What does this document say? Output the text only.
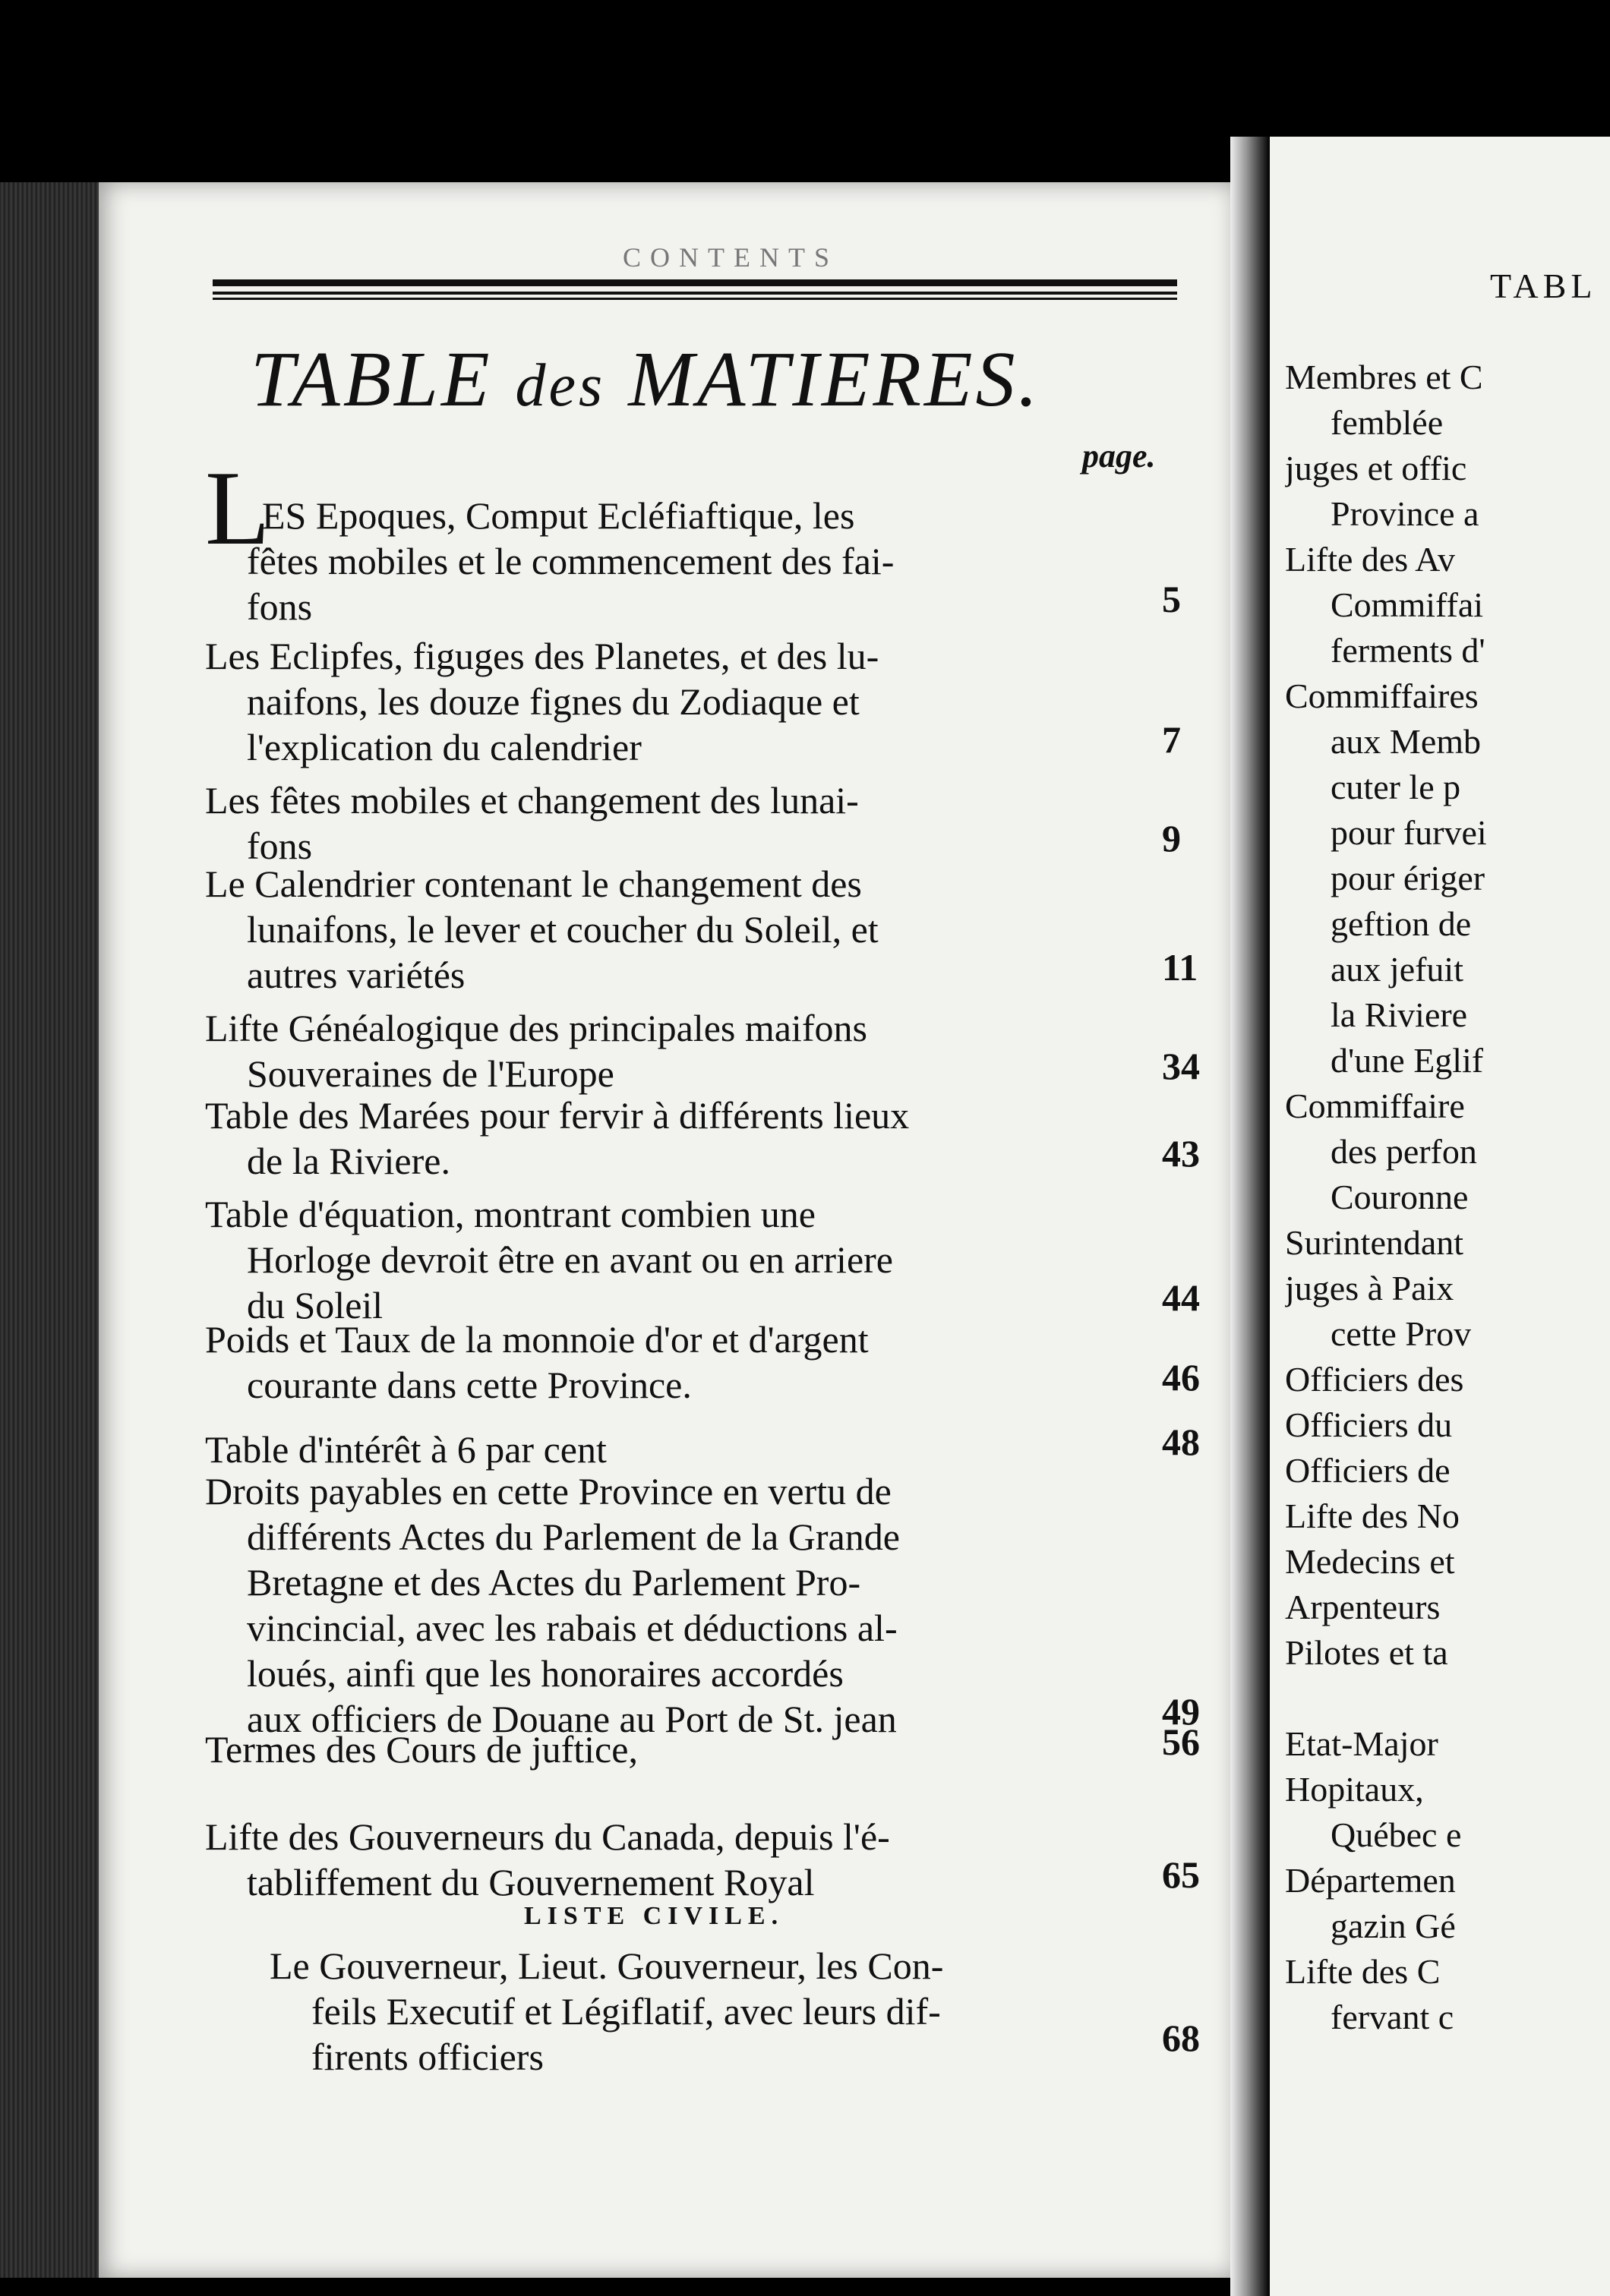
CONTENTS
TABLE des MATIERES.
page.
L
ES Epoques, Comput Ecléfiaftique, les
fêtes mobiles et le commencement des fai-
fons	5
Les Eclipfes, figuges des Planetes, et des lu-
naifons, les douze fignes du Zodiaque et
l'explication du calendrier	7
Les fêtes mobiles et changement des lunai-
fons	9
Le Calendrier contenant le changement des
lunaifons, le lever et coucher du Soleil, et
autres variétés	11
Lifte Généalogique des principales maifons
Souveraines de l'Europe	34
Table des Marées pour fervir à différents lieux
de la Riviere.	43
Table d'équation, montrant combien une
Horloge devroit être en avant ou en arriere
du Soleil	44
Poids et Taux de la monnoie d'or et d'argent
courante dans cette Province.	46
Table d'intérêt à 6 par cent	48
Droits payables en cette Province en vertu de
différents Actes du Parlement de la Grande
Bretagne et des Actes du Parlement Pro-
vincincial, avec les rabais et déductions al-
loués, ainfi que les honoraires accordés
aux officiers de Douane au Port de St. jean	49
Termes des Cours de juftice,	56
Lifte des Gouverneurs du Canada, depuis l'é-
tabliffement du Gouvernement Royal	65
LISTE CIVILE.
Le Gouverneur, Lieut. Gouverneur, les Con-
feils Executif et Légiflatif, avec leurs dif-
firents officiers	68
TABL
Membres et C
femblée
juges et offic
Province a
Lifte des Av
Commiffai
ferments d'
Commiffaires
aux Memb
cuter le p
pour furvei
pour ériger
geftion de
aux jefuit
la Riviere
d'une Eglif
Commiffaire
des perfon
Couronne
Surintendant
juges à Paix
cette Prov
Officiers des
Officiers du
Officiers de
Lifte des No
Medecins et
Arpenteurs
Pilotes et ta
Etat-Major
Hopitaux,
Québec e
Départemen
gazin Gé
Lifte des C
fervant c
